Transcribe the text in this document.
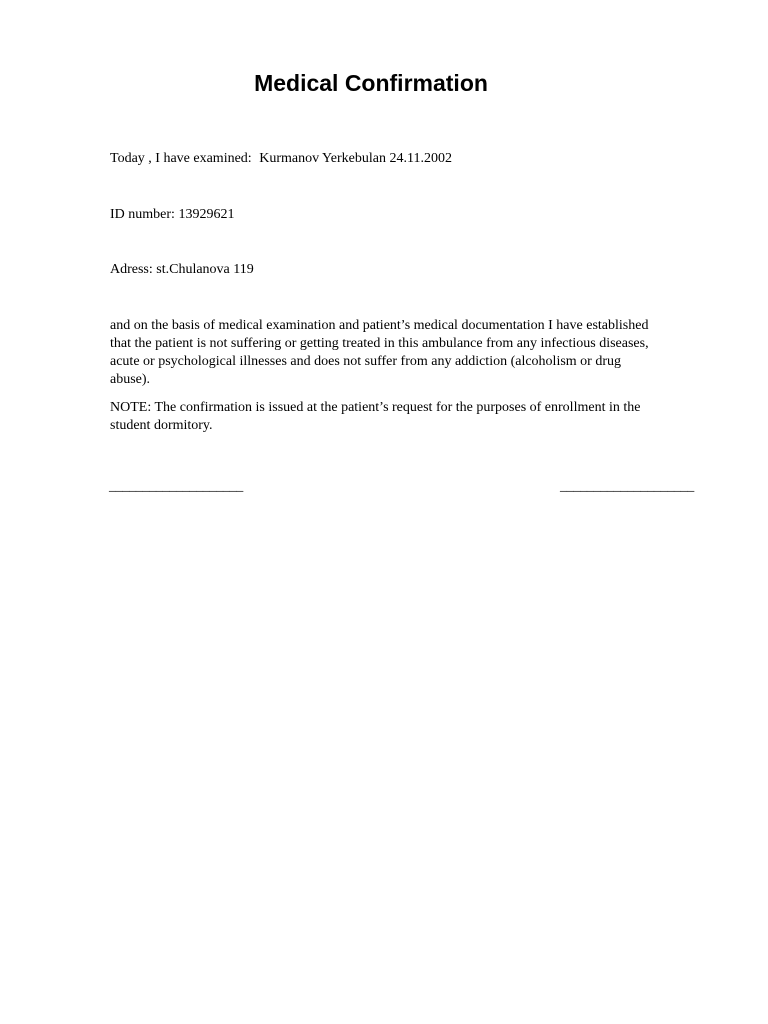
Medical Confirmation

Today , I have examined: Kurmanov Yerkebulan 24.11.2002

ID number: 13929621

Adress: st.Chulanova 119

and on the basis of medical examination and patient’s medical documentation I have established
that the patient is not suffering or getting treated in this ambulance from any infectious diseases,
acute or psychological illnesses and does not suffer from any addiction (alcoholism or drug
abuse).
NOTE: The confirmation is issued at the patient’s request for the purposes of enrollment in the
student dormitory.
____________________	____________________
